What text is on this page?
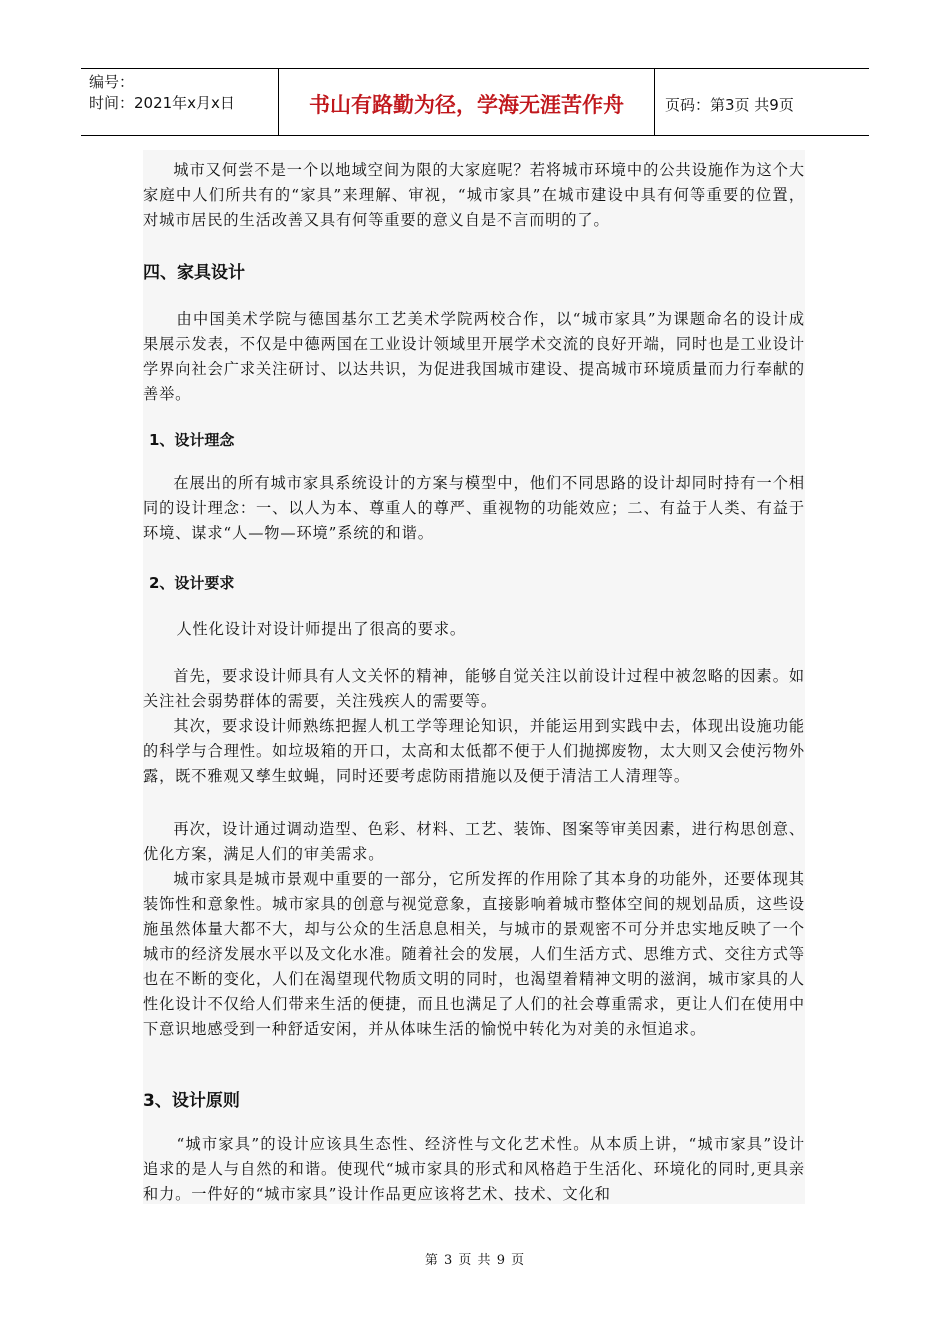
编号：
时间：2021年x月x日	书山有路勤为径，学海无涯苦作舟	页码：第3页 共9页

城市又何尝不是一个以地域空间为限的大家庭呢？若将城市环境中的公共设施作为这个大家庭中人们所共有的“家具”来理解、审视，“城市家具”在城市建设中具有何等重要的位置，对城市居民的生活改善又具有何等重要的意义自是不言而明的了。

四、家具设计

由中国美术学院与德国基尔工艺美术学院两校合作，以“城市家具”为课题命名的设计成果展示发表，不仅是中德两国在工业设计领域里开展学术交流的良好开端，同时也是工业设计学界向社会广求关注研讨、以达共识，为促进我国城市建设、提高城市环境质量而力行奉献的善举。

1、设计理念

在展出的所有城市家具系统设计的方案与模型中，他们不同思路的设计却同时持有一个相同的设计理念：一、以人为本、尊重人的尊严、重视物的功能效应；二、有益于人类、有益于环境、谋求“人—物—环境”系统的和谐。

2、设计要求

人性化设计对设计师提出了很高的要求。

首先，要求设计师具有人文关怀的精神，能够自觉关注以前设计过程中被忽略的因素。如关注社会弱势群体的需要，关注残疾人的需要等。

其次，要求设计师熟练把握人机工学等理论知识，并能运用到实践中去，体现出设施功能的科学与合理性。如垃圾箱的开口，太高和太低都不便于人们抛掷废物，太大则又会使污物外露，既不雅观又孳生蚊蝇，同时还要考虑防雨措施以及便于清洁工人清理等。

再次，设计通过调动造型、色彩、材料、工艺、装饰、图案等审美因素，进行构思创意、优化方案，满足人们的审美需求。

城市家具是城市景观中重要的一部分，它所发挥的作用除了其本身的功能外，还要体现其装饰性和意象性。城市家具的创意与视觉意象，直接影响着城市整体空间的规划品质，这些设施虽然体量大都不大，却与公众的生活息息相关，与城市的景观密不可分并忠实地反映了一个城市的经济发展水平以及文化水准。随着社会的发展，人们生活方式、思维方式、交往方式等也在不断的变化，人们在渴望现代物质文明的同时，也渴望着精神文明的滋润，城市家具的人性化设计不仅给人们带来生活的便捷，而且也满足了人们的社会尊重需求，更让人们在使用中下意识地感受到一种舒适安闲，并从体味生活的愉悦中转化为对美的永恒追求。

3、设计原则

“城市家具”的设计应该具生态性、经济性与文化艺术性。从本质上讲，“城市家具”设计追求的是人与自然的和谐。使现代“城市家具的形式和风格趋于生活化、环境化的同时,更具亲和力。一件好的“城市家具”设计作品更应该将艺术、技术、文化和

第 3 页 共 9 页
